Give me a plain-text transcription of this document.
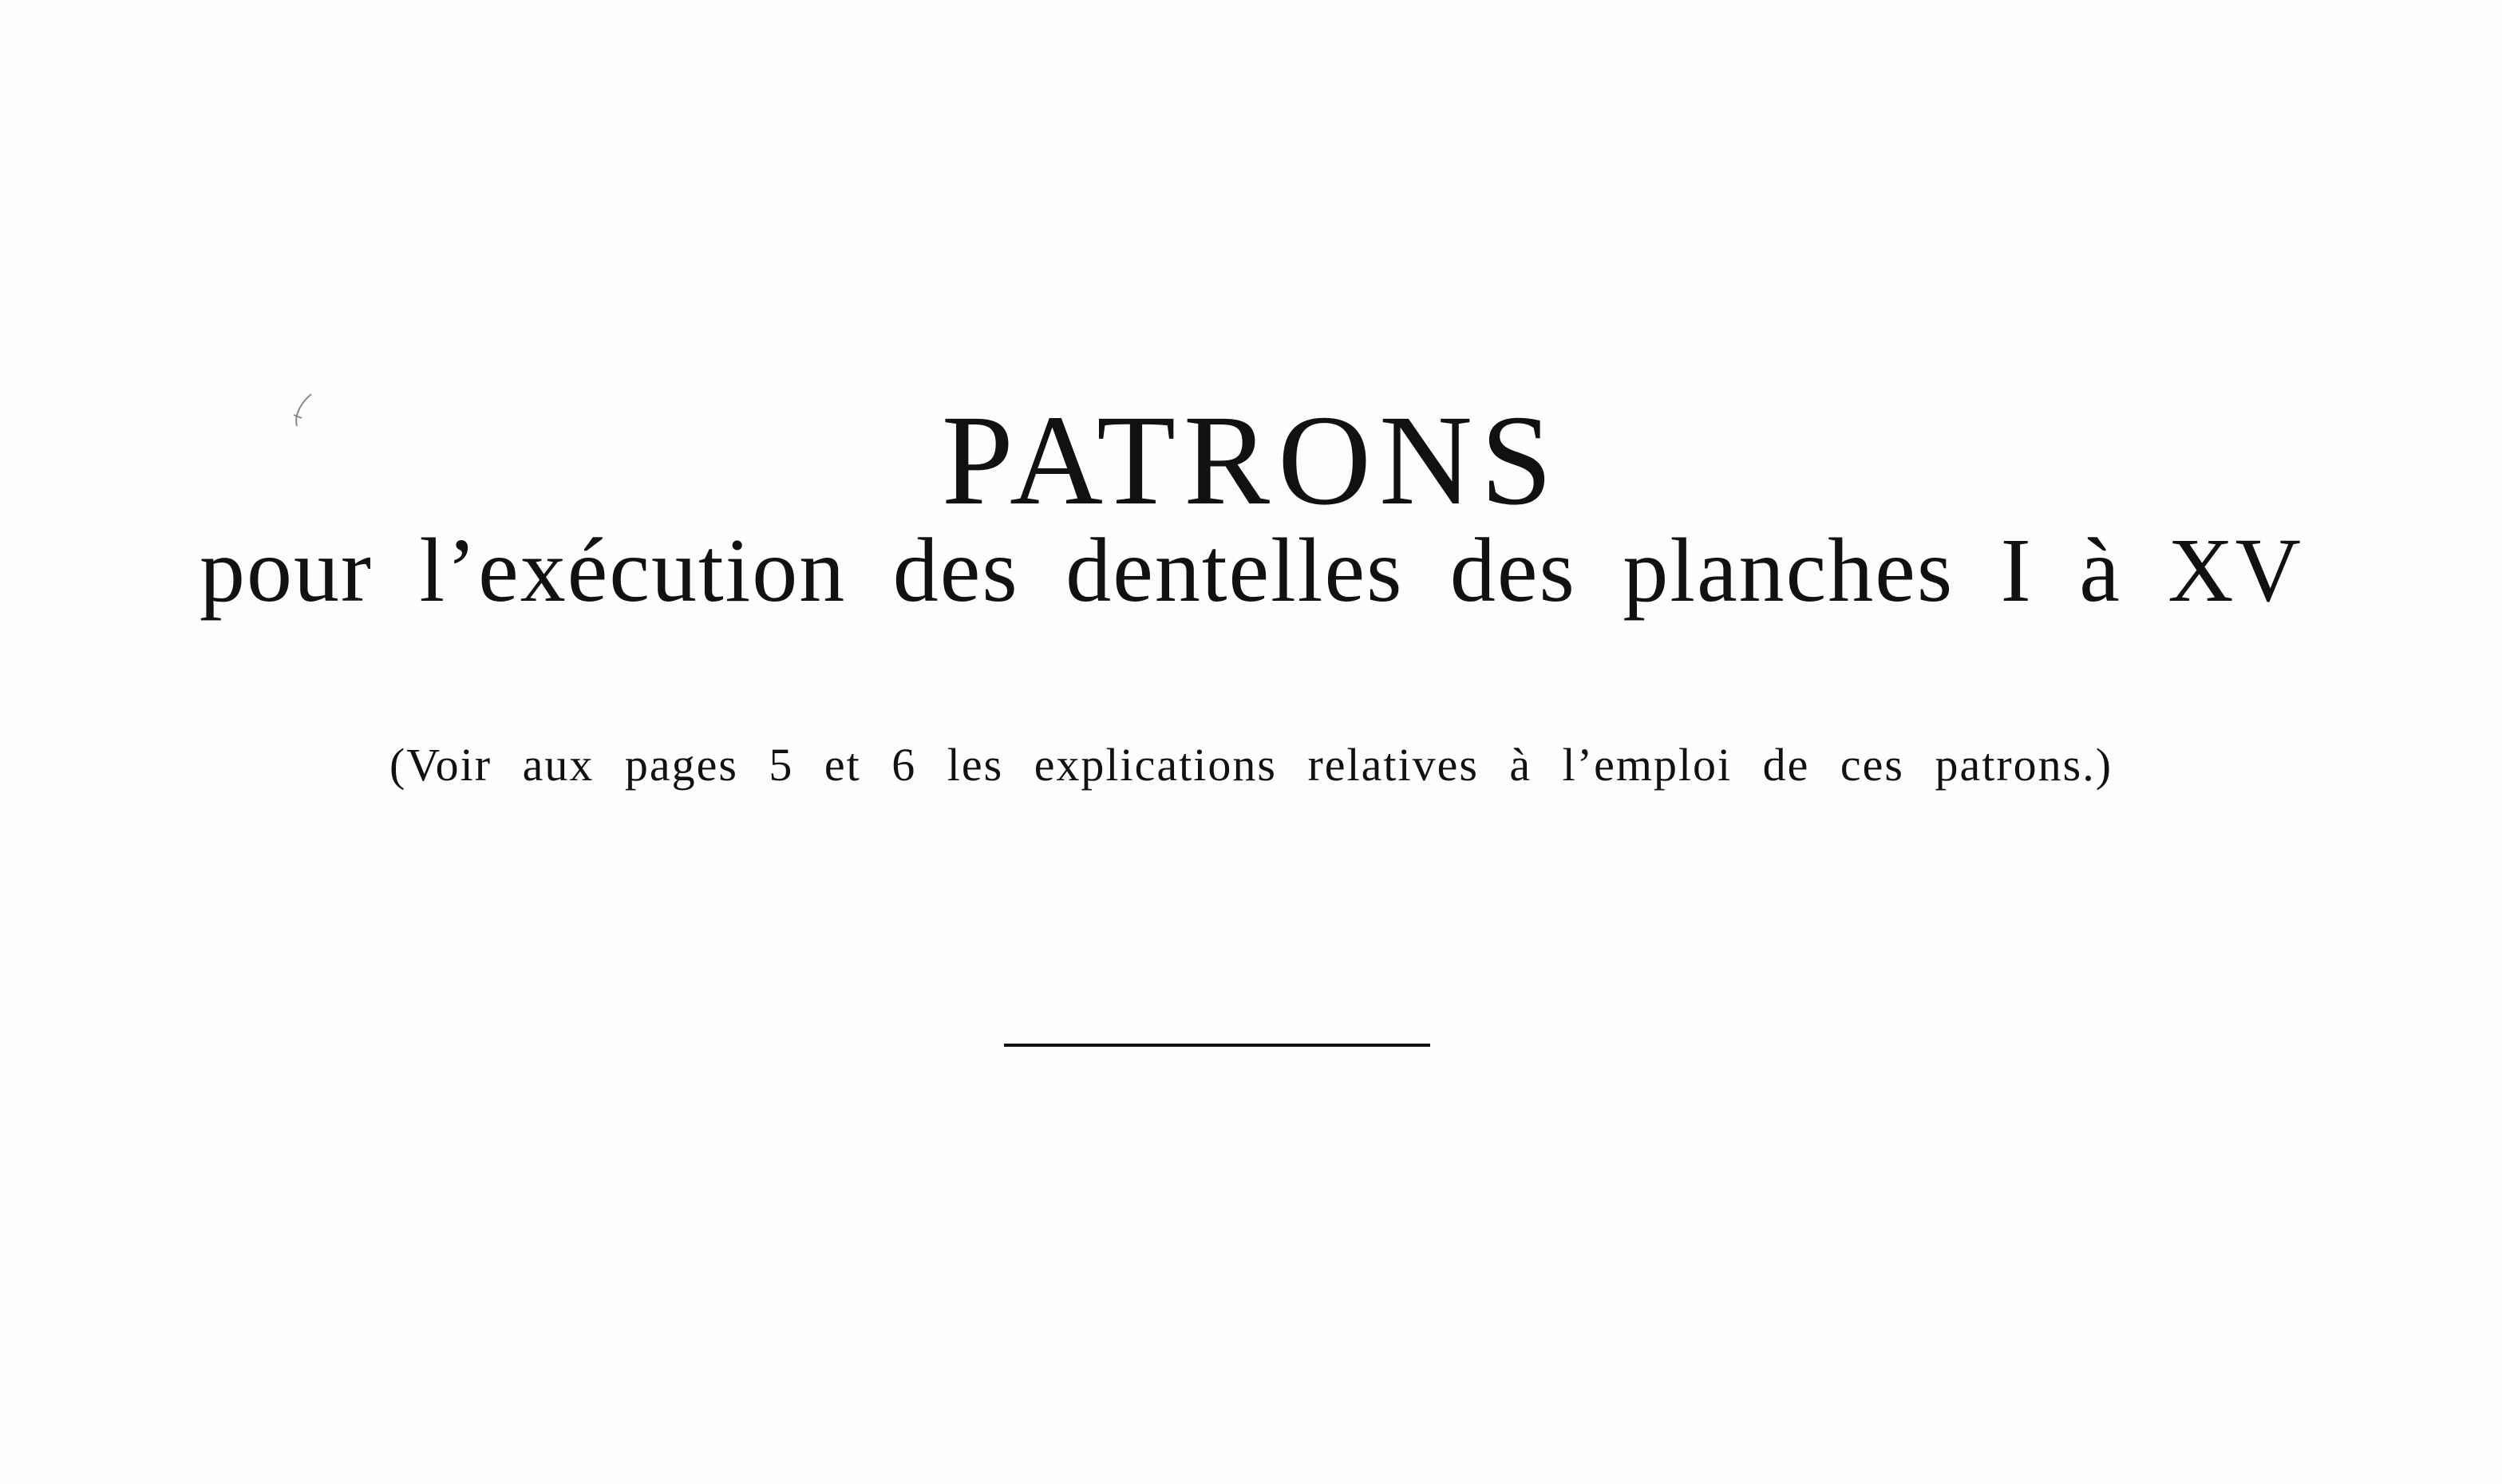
PATRONS
pour l’exécution des dentelles des planches I à XV
(Voir aux pages 5 et 6 les explications relatives à l’emploi de ces patrons.)
